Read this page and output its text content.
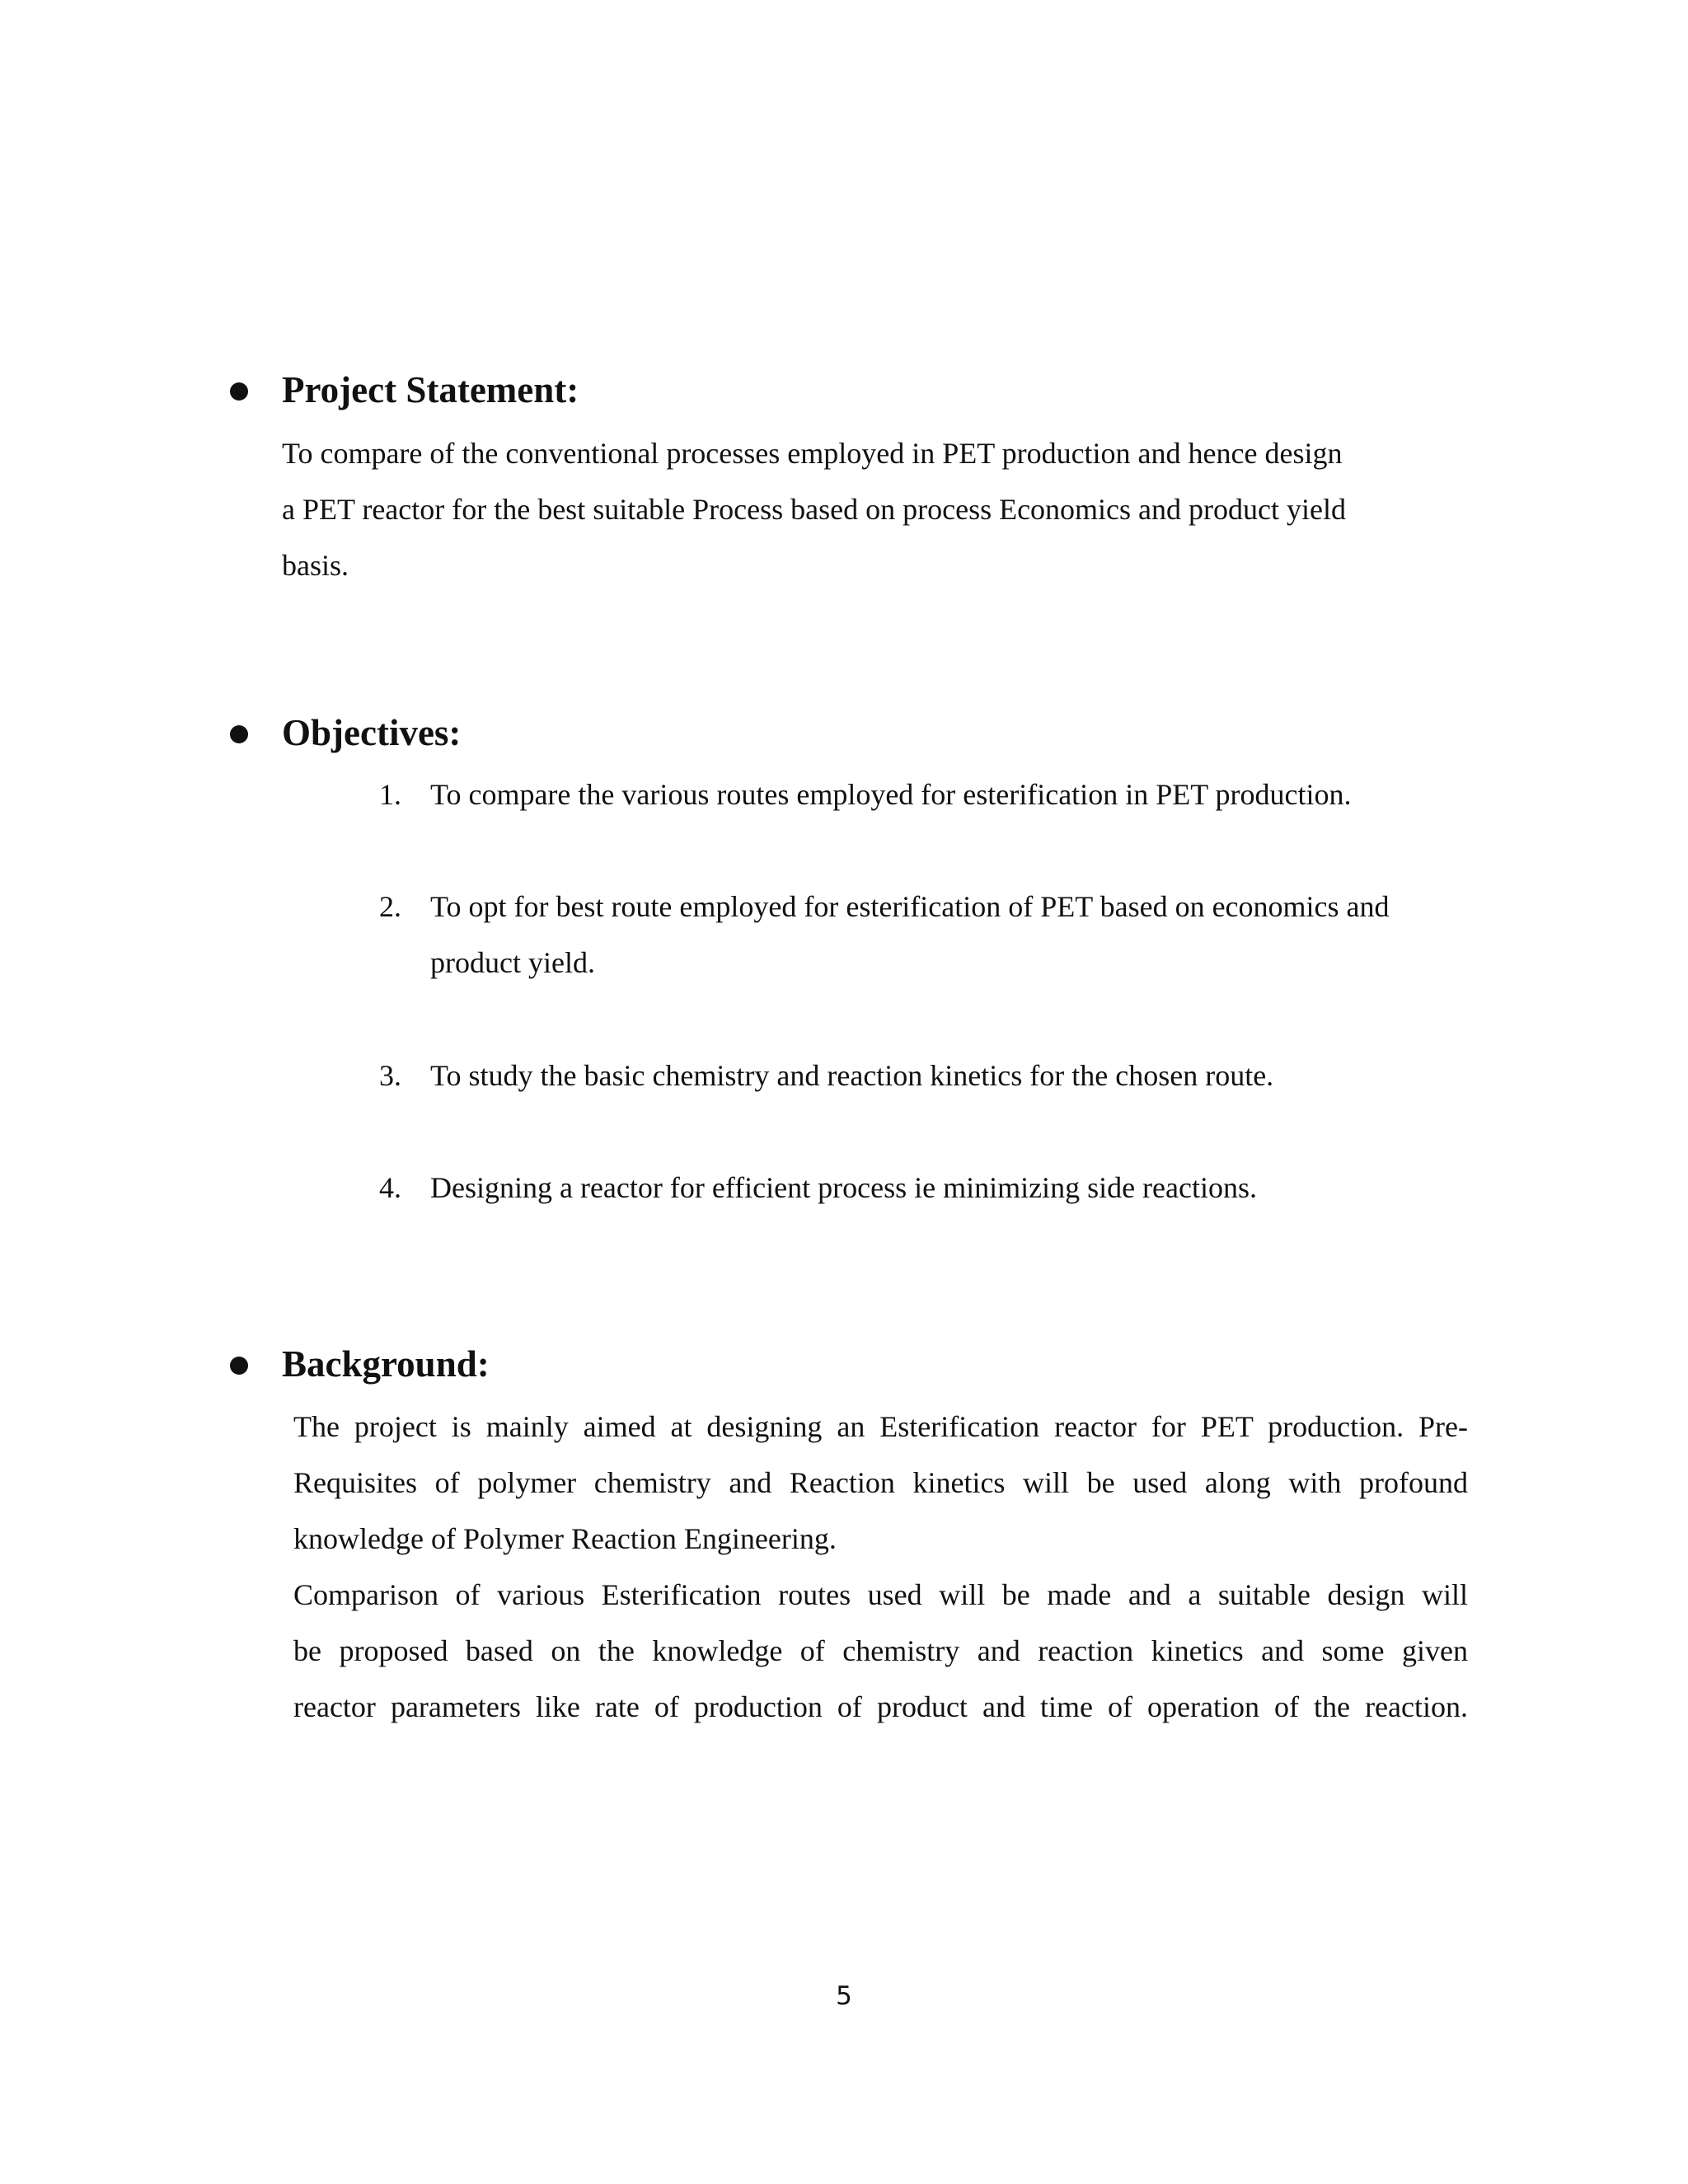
Project Statement:
To compare of the conventional processes employed in PET production and hence design
a PET reactor for the best suitable Process based on process Economics and product yield
basis.
Objectives:
1. To compare the various routes employed for esterification in PET production.
2. To opt for best route employed for esterification of PET based on economics and
product yield.
3. To study the basic chemistry and reaction kinetics for the chosen route.
4. Designing a reactor for efficient process ie minimizing side reactions.
Background:
The project is mainly aimed at designing an Esterification reactor for PET production. Pre-
Requisites of polymer chemistry and Reaction kinetics will be used along with profound
knowledge of Polymer Reaction Engineering.
Comparison of various Esterification routes used will be made and a suitable design will
be proposed based on the knowledge of chemistry and reaction kinetics and some given
reactor parameters like rate of production of product and time of operation of the reaction.
5
